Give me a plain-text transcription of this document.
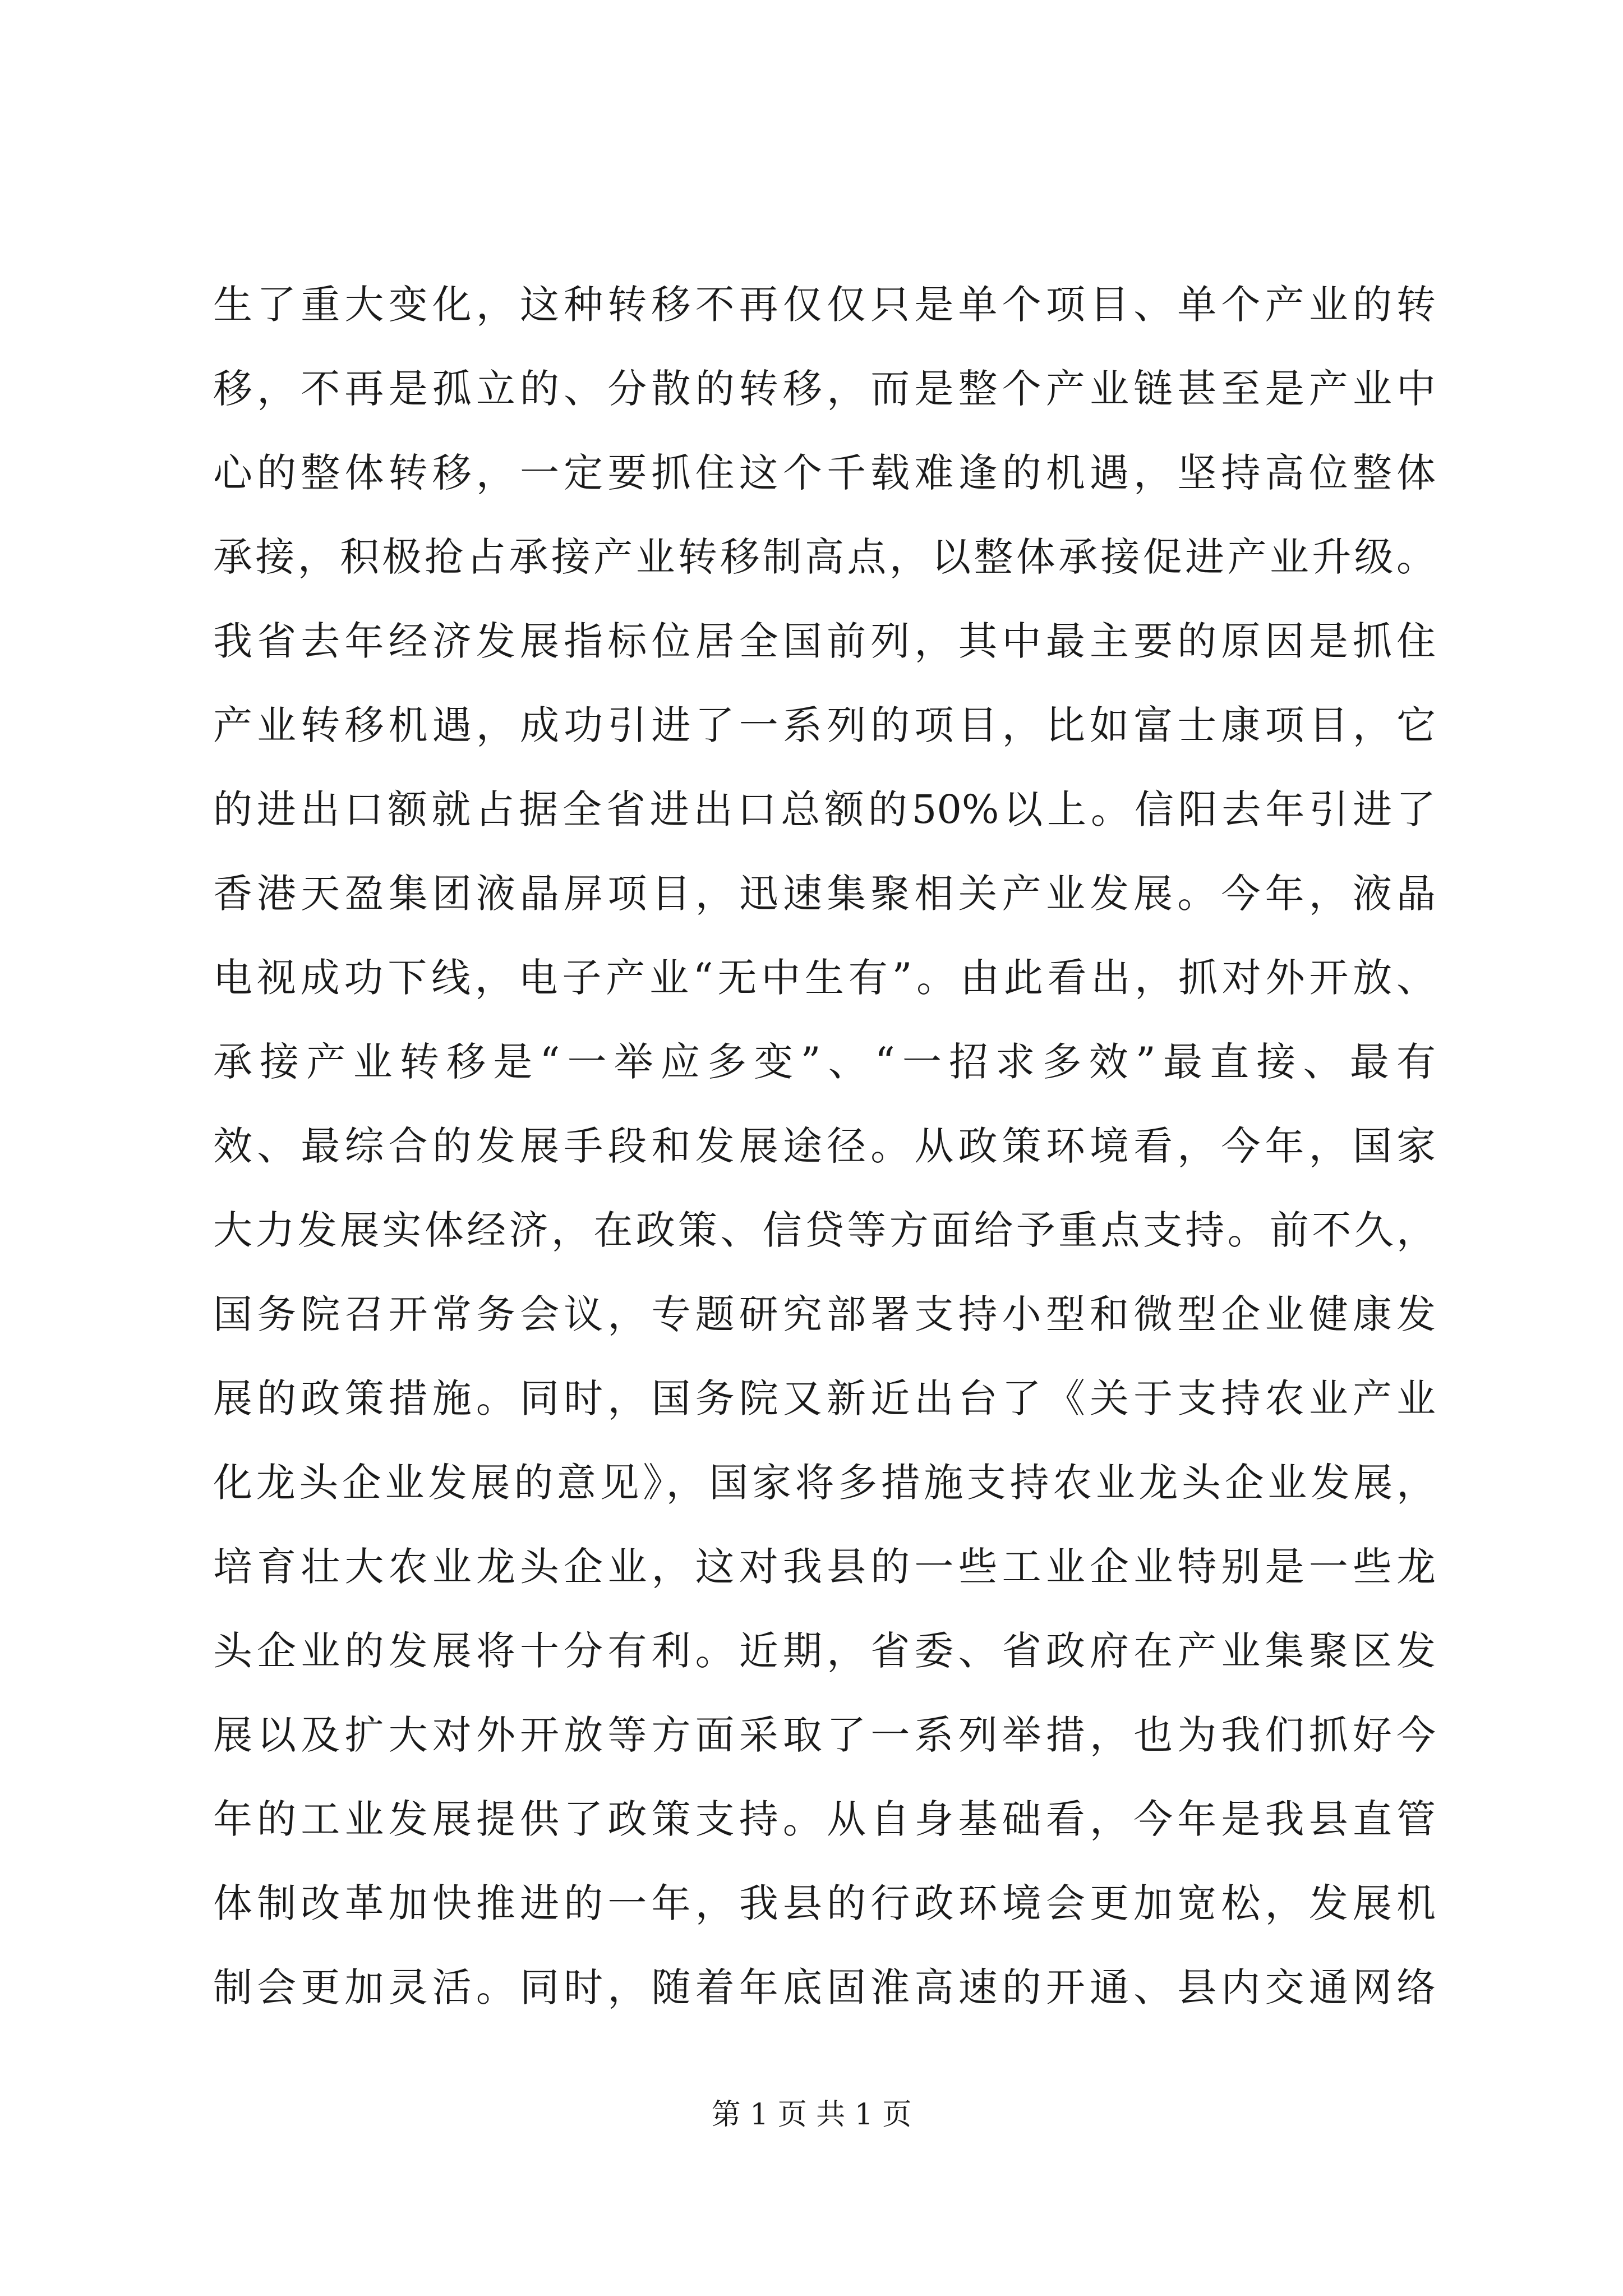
生了重大变化，这种转移不再仅仅只是单个项目、单个产业的转
移，不再是孤立的、分散的转移，而是整个产业链甚至是产业中
心的整体转移，一定要抓住这个千载难逢的机遇，坚持高位整体
承接，积极抢占承接产业转移制高点，以整体承接促进产业升级。
我省去年经济发展指标位居全国前列，其中最主要的原因是抓住
产业转移机遇，成功引进了一系列的项目，比如富士康项目，它
的进出口额就占据全省进出口总额的50%以上。信阳去年引进了
香港天盈集团液晶屏项目，迅速集聚相关产业发展。今年，液晶
电视成功下线，电子产业“无中生有”。由此看出，抓对外开放、
承接产业转移是“一举应多变”、“一招求多效”最直接、最有
效、最综合的发展手段和发展途径。从政策环境看，今年，国家
大力发展实体经济，在政策、信贷等方面给予重点支持。前不久，
国务院召开常务会议，专题研究部署支持小型和微型企业健康发
展的政策措施。同时，国务院又新近出台了《关于支持农业产业
化龙头企业发展的意见》，国家将多措施支持农业龙头企业发展，
培育壮大农业龙头企业，这对我县的一些工业企业特别是一些龙
头企业的发展将十分有利。近期，省委、省政府在产业集聚区发
展以及扩大对外开放等方面采取了一系列举措，也为我们抓好今
年的工业发展提供了政策支持。从自身基础看，今年是我县直管
体制改革加快推进的一年，我县的行政环境会更加宽松，发展机
制会更加灵活。同时，随着年底固淮高速的开通、县内交通网络
第 1 页 共 1 页
